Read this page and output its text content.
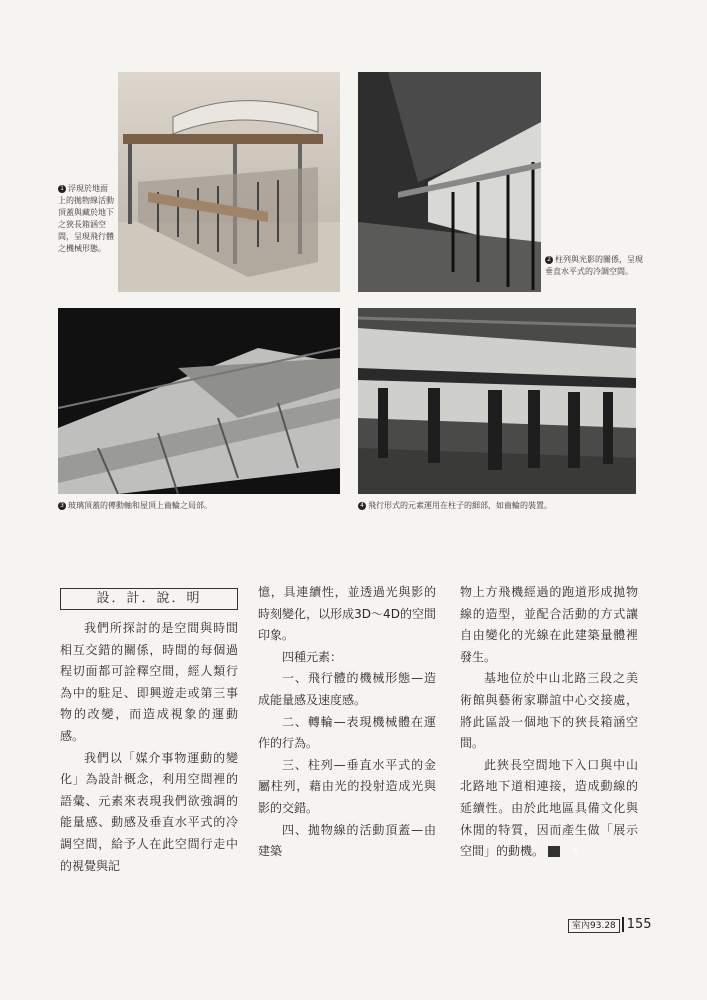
1 浮現於地面上的拋物線活動頂蓋與藏於地下之狹長箱涵空間，呈現飛行體之機械形態。
2 柱列與光影的關係，呈現垂直水平式的冷調空間。
3 玻璃頂蓋的傳動軸和屋頂上齒輪之局部。	4 飛行形式的元素運用在柱子的細部，如齒輪的裝置。
設．計．說．明

我們所探討的是空間與時間相互交錯的關係，時間的每個過程切面都可詮釋空間，經人類行為中的駐足、即興遊走或第三事物的改變，而造成視象的運動感。

我們以「媒介事物運動的變化」為設計概念，利用空間裡的語彙、元素來表現我們欲強調的能量感、動感及垂直水平式的冷調空間，給予人在此空間行走中的視覺與記

憶，具連續性，並透過光與影的時刻變化，以形成3D～4D的空間印象。

四種元素：

一、飛行體的機械形態—造成能量感及速度感。

二、轉輪—表現機械體在運作的行為。

三、柱列—垂直水平式的金屬柱列，藉由光的投射造成光與影的交錯。

四、拋物線的活動頂蓋—由建築

物上方飛機經過的跑道形成拋物線的造型，並配合活動的方式讓自由變化的光線在此建築量體裡發生。

基地位於中山北路三段之美術館與藝術家聯誼中心交接處，將此區設一個地下的狹長箱涵空間。

此狹長空間地下入口與中山北路地下道相連接，造成動線的延續性。由於此地區具備文化與休閒的特質，因而產生做「展示空間」的動機。	室

室內93.28 155
